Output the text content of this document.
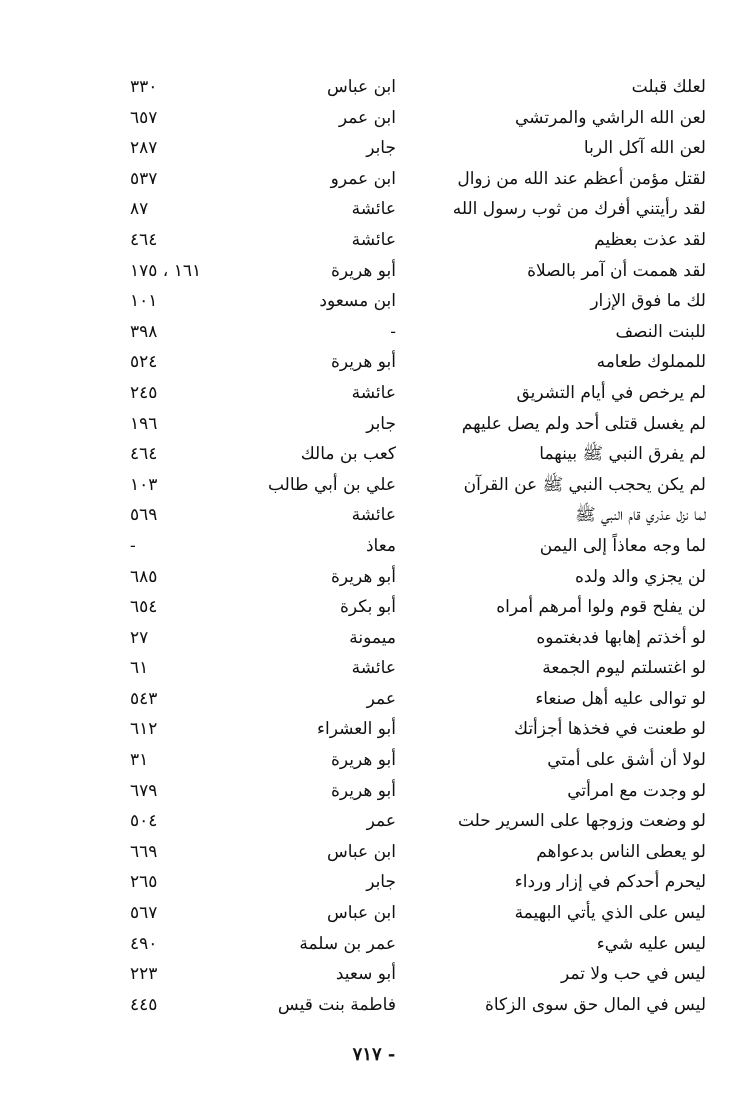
لعلك قبلت
ابن عباس
٣٣٠
لعن الله الراشي والمرتشي
ابن عمر
٦٥٧
لعن الله آكل الربا
جابر
٢٨٧
لقتل مؤمن أعظم عند الله من زوال
ابن عمرو
٥٣٧
لقد رأيتني أفرك من ثوب رسول الله
عائشة
٨٧
لقد عذت بعظيم
عائشة
٤٦٤
لقد هممت أن آمر بالصلاة
أبو هريرة
١٦١ ، ١٧٥
لك ما فوق الإزار
ابن مسعود
١٠١
للبنت النصف
-
٣٩٨
للمملوك طعامه
أبو هريرة
٥٢٤
لم يرخص في أيام التشريق
عائشة
٢٤٥
لم يغسل قتلى أحد ولم يصل عليهم
جابر
١٩٦
لم يفرق النبي ﷺ بينهما
كعب بن مالك
٤٦٤
لم يكن يحجب النبي ﷺ عن القرآن
علي بن أبي طالب
١٠٣
لما نزل عذري قام النبي ﷺ
عائشة
٥٦٩
لما وجه معاذاً إلى اليمن
معاذ
-
لن يجزي والد ولده
أبو هريرة
٦٨٥
لن يفلح قوم ولوا أمرهم أمراه
أبو بكرة
٦٥٤
لو أخذتم إهابها فدبغتموه
ميمونة
٢٧
لو اغتسلتم ليوم الجمعة
عائشة
٦١
لو توالى عليه أهل صنعاء
عمر
٥٤٣
لو طعنت في فخذها أجزأتك
أبو العشراء
٦١٢
لولا أن أشق على أمتي
أبو هريرة
٣١
لو وجدت مع امرأتي
أبو هريرة
٦٧٩
لو وضعت وزوجها على السرير حلت
عمر
٥٠٤
لو يعطى الناس بدعواهم
ابن عباس
٦٦٩
ليحرم أحدكم في إزار ورداء
جابر
٢٦٥
ليس على الذي يأتي البهيمة
ابن عباس
٥٦٧
ليس عليه شيء
عمر بن سلمة
٤٩٠
ليس في حب ولا تمر
أبو سعيد
٢٢٣
ليس في المال حق سوى الزكاة
فاطمة بنت قيس
٤٤٥
- ٧١٧
